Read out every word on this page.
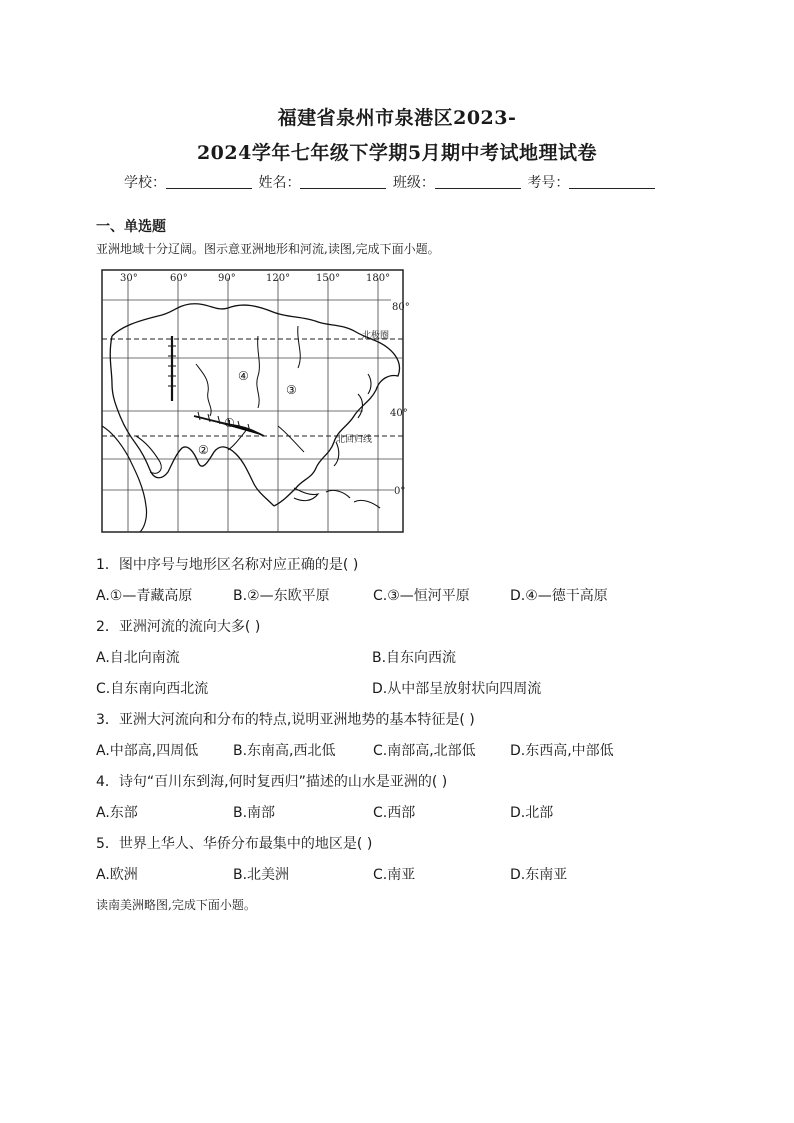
福建省泉州市泉港区2023-
2024学年七年级下学期5月期中考试地理试卷
学校：	姓名：	班级：	考号：
一、单选题
亚洲地域十分辽阔。图示意亚洲地形和河流,读图,完成下面小题。
30°	60°	90°	120°	150°	180°
80°
40°
0°
北极圈
北回归线
①
②
③
④
1．图中序号与地形区名称对应正确的是( )
A.①—青藏高原	B.②—东欧平原	C.③—恒河平原	D.④—德干高原
2．亚洲河流的流向大多( )
A.自北向南流	B.自东向西流
C.自东南向西北流	D.从中部呈放射状向四周流
3．亚洲大河流向和分布的特点,说明亚洲地势的基本特征是( )
A.中部高,四周低 B.东南高,西北低	C.南部高,北部低 D.东西高,中部低
4．诗句“百川东到海,何时复西归”描述的山水是亚洲的( )
A.东部	B.南部	C.西部	D.北部
5．世界上华人、华侨分布最集中的地区是( )
A.欧洲	B.北美洲	C.南亚	D.东南亚
读南美洲略图,完成下面小题。
